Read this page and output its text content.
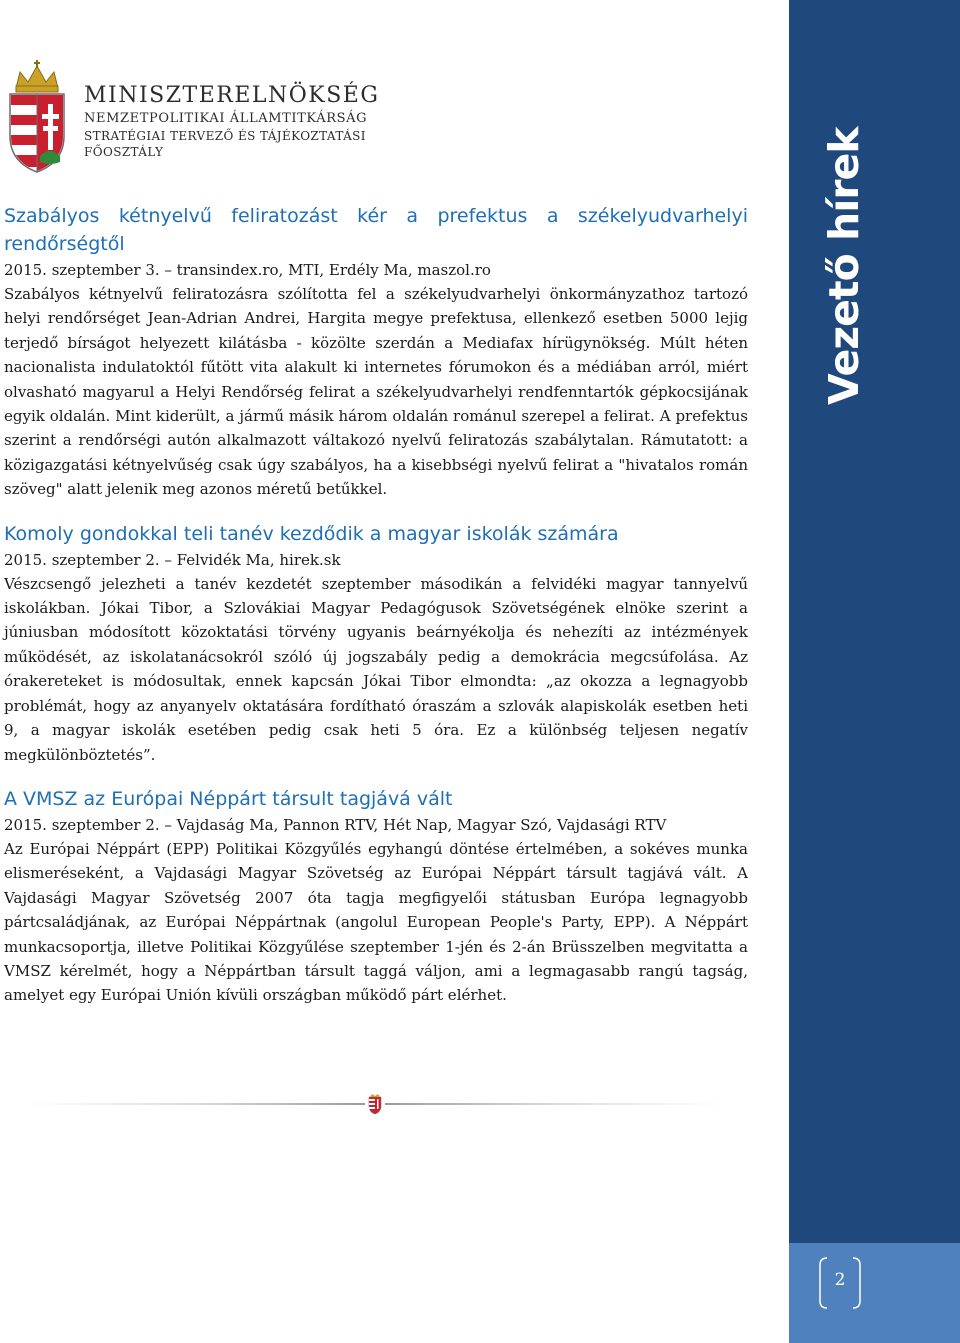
MINISZTERELNÖKSÉG
NEMZETPOLITIKAI ÁLLAMTITKÁRSÁG
STRATÉGIAI TERVEZŐ ÉS TÁJÉKOZTATÁSI FŐOSZTÁLY	Vezető hírek
2
Szabályos kétnyelvű feliratozást kér a prefektus a székelyudvarhelyi rendőrségtől
2015. szeptember 3. – transindex.ro, MTI, Erdély Ma, maszol.ro
Szabályos kétnyelvű feliratozásra szólította fel a székelyudvarhelyi önkormányzathoz tartozó helyi rendőrséget Jean-Adrian Andrei, Hargita megye prefektusa, ellenkező esetben 5000 lejig terjedő bírságot helyezett kilátásba - közölte szerdán a Mediafax hírügynökség. Múlt héten nacionalista indulatoktól fűtött vita alakult ki internetes fórumokon és a médiában arról, miért olvasható magyarul a Helyi Rendőrség felirat a székelyudvarhelyi rendfenntartók gépkocsijának egyik oldalán. Mint kiderült, a jármű másik három oldalán románul szerepel a felirat. A prefektus szerint a rendőrségi autón alkalmazott váltakozó nyelvű feliratozás szabálytalan. Rámutatott: a közigazgatási kétnyelvűség csak úgy szabályos, ha a kisebbségi nyelvű felirat a "hivatalos román szöveg" alatt jelenik meg azonos méretű betűkkel.
Komoly gondokkal teli tanév kezdődik a magyar iskolák számára
2015. szeptember 2. – Felvidék Ma, hirek.sk
Vészcsengő jelezheti a tanév kezdetét szeptember másodikán a felvidéki magyar tannyelvű iskolákban. Jókai Tibor, a Szlovákiai Magyar Pedagógusok Szövetségének elnöke szerint a júniusban módosított közoktatási törvény ugyanis beárnyékolja és nehezíti az intézmények működését, az iskolatanácsokról szóló új jogszabály pedig a demokrácia megcsúfolása. Az órakereteket is módosultak, ennek kapcsán Jókai Tibor elmondta: „az okozza a legnagyobb problémát, hogy az anyanyelv oktatására fordítható óraszám a szlovák alapiskolák esetben heti 9, a magyar iskolák esetében pedig csak heti 5 óra. Ez a különbség teljesen negatív megkülönböztetés”.
A VMSZ az Európai Néppárt társult tagjává vált
2015. szeptember 2. – Vajdaság Ma, Pannon RTV, Hét Nap, Magyar Szó, Vajdasági RTV
Az Európai Néppárt (EPP) Politikai Közgyűlés egyhangú döntése értelmében, a sokéves munka elismeréseként, a Vajdasági Magyar Szövetség az Európai Néppárt társult tagjává vált. A Vajdasági Magyar Szövetség 2007 óta tagja megfigyelői státusban Európa legnagyobb pártcsaládjának, az Európai Néppártnak (angolul European People's Party, EPP). A Néppárt munkacsoportja, illetve Politikai Közgyűlése szeptember 1-jén és 2-án Brüsszelben megvitatta a VMSZ kérelmét, hogy a Néppártban társult taggá váljon, ami a legmagasabb rangú tagság, amelyet egy Európai Unión kívüli országban működő párt elérhet.
